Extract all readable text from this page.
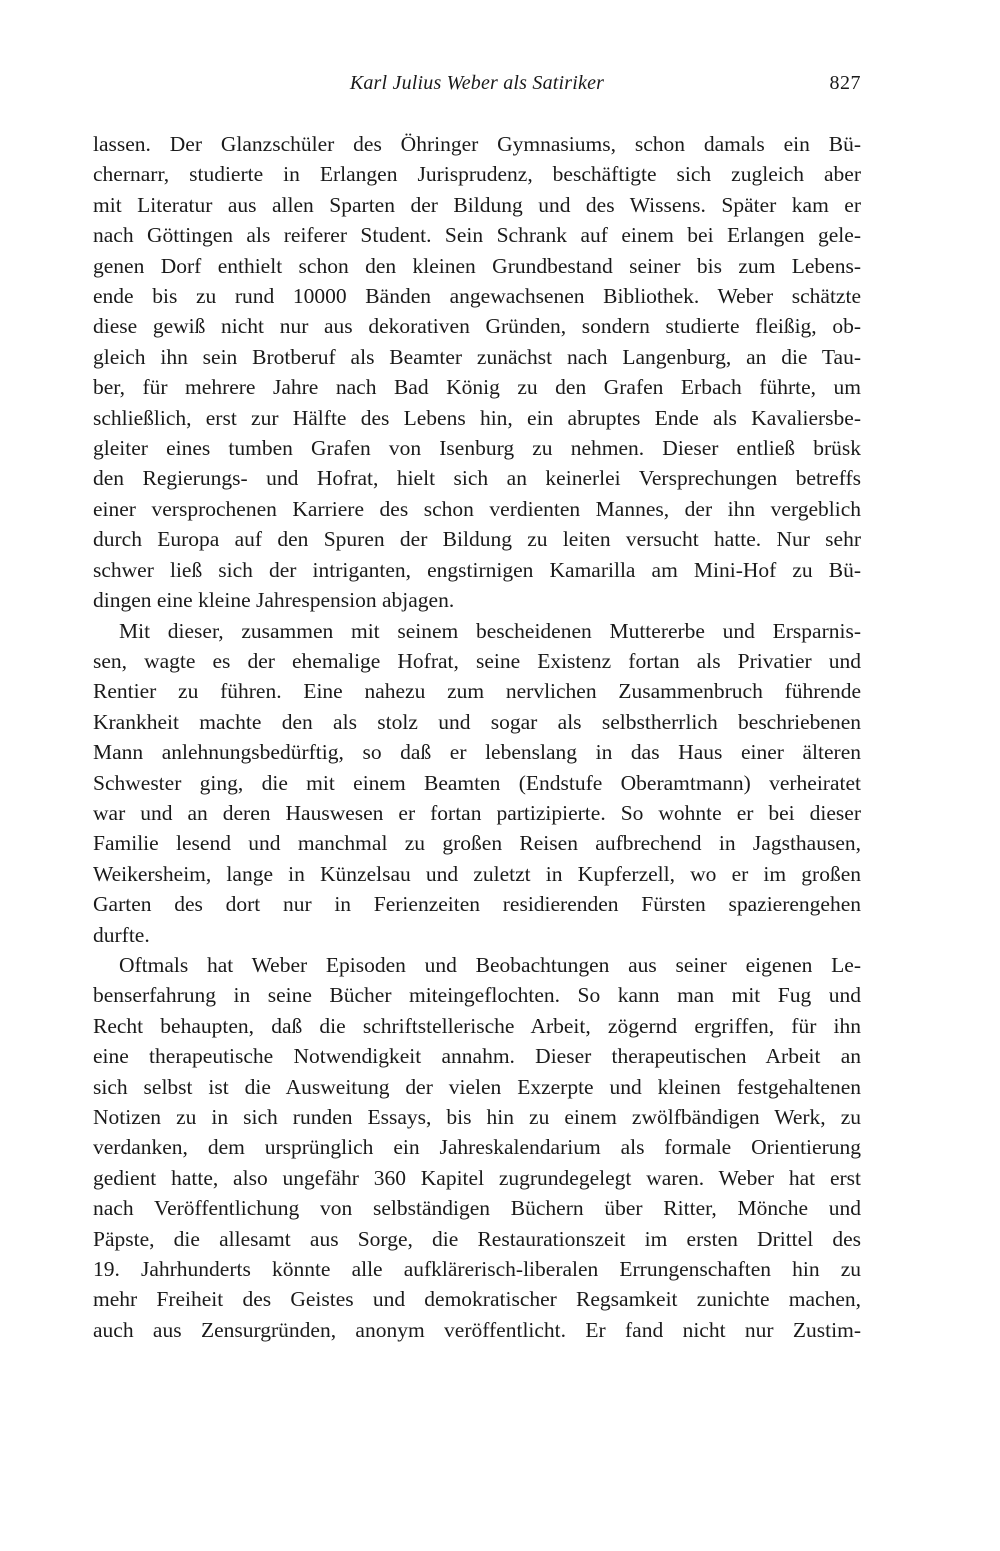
Karl Julius Weber als Satiriker	827

lassen. Der Glanzschüler des Öhringer Gymnasiums, schon damals ein Bü-
chernarr, studierte in Erlangen Jurisprudenz, beschäftigte sich zugleich aber
mit Literatur aus allen Sparten der Bildung und des Wissens. Später kam er
nach Göttingen als reiferer Student. Sein Schrank auf einem bei Erlangen gele-
genen Dorf enthielt schon den kleinen Grundbestand seiner bis zum Lebens-
ende bis zu rund 10000 Bänden angewachsenen Bibliothek. Weber schätzte
diese gewiß nicht nur aus dekorativen Gründen, sondern studierte fleißig, ob-
gleich ihn sein Brotberuf als Beamter zunächst nach Langenburg, an die Tau-
ber, für mehrere Jahre nach Bad König zu den Grafen Erbach führte, um
schließlich, erst zur Hälfte des Lebens hin, ein abruptes Ende als Kavaliersbe-
gleiter eines tumben Grafen von Isenburg zu nehmen. Dieser entließ brüsk
den Regierungs- und Hofrat, hielt sich an keinerlei Versprechungen betreffs
einer versprochenen Karriere des schon verdienten Mannes, der ihn vergeblich
durch Europa auf den Spuren der Bildung zu leiten versucht hatte. Nur sehr
schwer ließ sich der intriganten, engstirnigen Kamarilla am Mini-Hof zu Bü-
dingen eine kleine Jahrespension abjagen.

Mit dieser, zusammen mit seinem bescheidenen Muttererbe und Ersparnis-
sen, wagte es der ehemalige Hofrat, seine Existenz fortan als Privatier und
Rentier zu führen. Eine nahezu zum nervlichen Zusammenbruch führende
Krankheit machte den als stolz und sogar als selbstherrlich beschriebenen
Mann anlehnungsbedürftig, so daß er lebenslang in das Haus einer älteren
Schwester ging, die mit einem Beamten (Endstufe Oberamtmann) verheiratet
war und an deren Hauswesen er fortan partizipierte. So wohnte er bei dieser
Familie lesend und manchmal zu großen Reisen aufbrechend in Jagsthausen,
Weikersheim, lange in Künzelsau und zuletzt in Kupferzell, wo er im großen
Garten des dort nur in Ferienzeiten residierenden Fürsten spazierengehen
durfte.

Oftmals hat Weber Episoden und Beobachtungen aus seiner eigenen Le-
benserfahrung in seine Bücher miteingeflochten. So kann man mit Fug und
Recht behaupten, daß die schriftstellerische Arbeit, zögernd ergriffen, für ihn
eine therapeutische Notwendigkeit annahm. Dieser therapeutischen Arbeit an
sich selbst ist die Ausweitung der vielen Exzerpte und kleinen festgehaltenen
Notizen zu in sich runden Essays, bis hin zu einem zwölfbändigen Werk, zu
verdanken, dem ursprünglich ein Jahreskalendarium als formale Orientierung
gedient hatte, also ungefähr 360 Kapitel zugrundegelegt waren. Weber hat erst
nach Veröffentlichung von selbständigen Büchern über Ritter, Mönche und
Päpste, die allesamt aus Sorge, die Restaurationszeit im ersten Drittel des
19. Jahrhunderts könnte alle aufklärerisch-liberalen Errungenschaften hin zu
mehr Freiheit des Geistes und demokratischer Regsamkeit zunichte machen,
auch aus Zensurgründen, anonym veröffentlicht. Er fand nicht nur Zustim-
